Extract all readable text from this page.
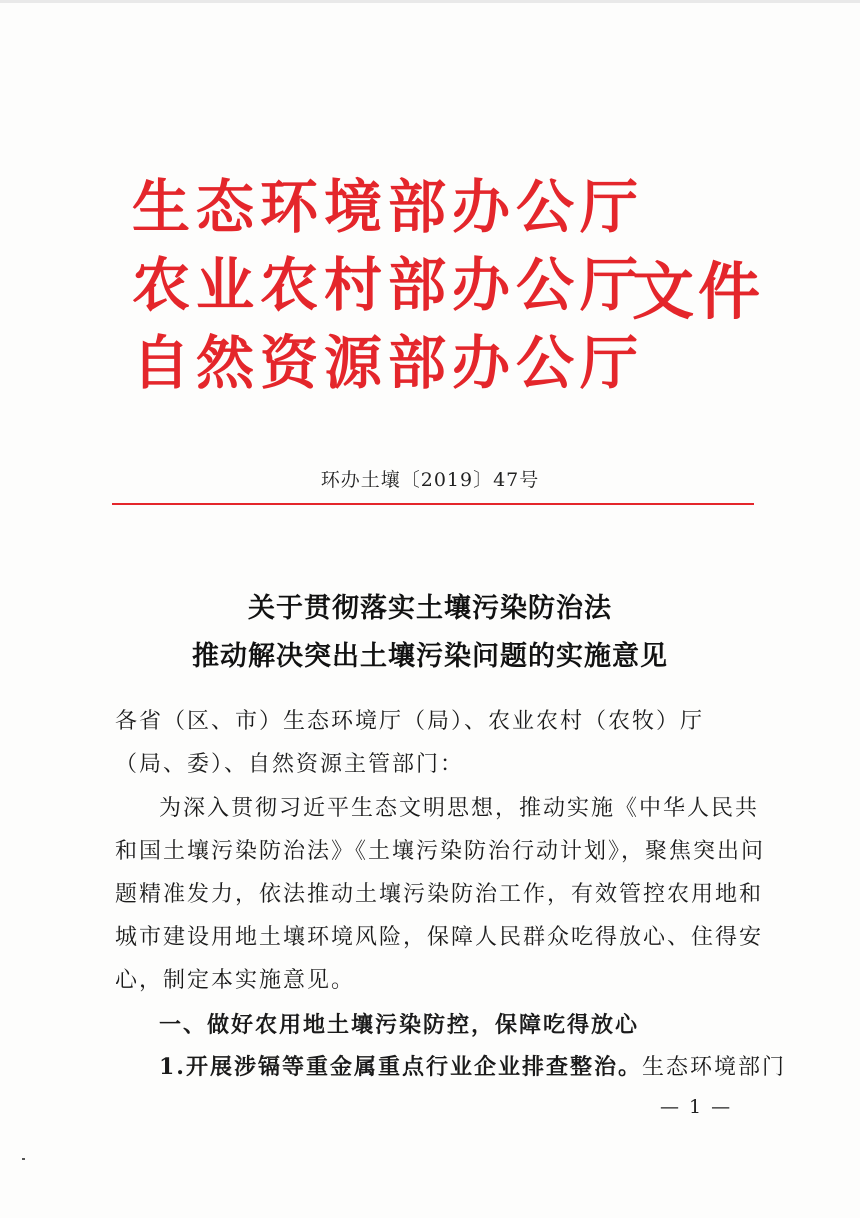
生态环境部办公厅
农业农村部办公厅
自然资源部办公厅
文件
环办土壤〔2019〕47号
关于贯彻落实土壤污染防治法
推动解决突出土壤污染问题的实施意见
各省（区、市）生态环境厅（局）、农业农村（农牧）厅（局、委）、自然资源主管部门：
为深入贯彻习近平生态文明思想，推动实施《中华人民共和国土壤污染防治法》《土壤污染防治行动计划》，聚焦突出问题精准发力，依法推动土壤污染防治工作，有效管控农用地和城市建设用地土壤环境风险，保障人民群众吃得放心、住得安心，制定本实施意见。
一、做好农用地土壤污染防控，保障吃得放心
1.开展涉镉等重金属重点行业企业排查整治。生态环境部门
— 1 —
